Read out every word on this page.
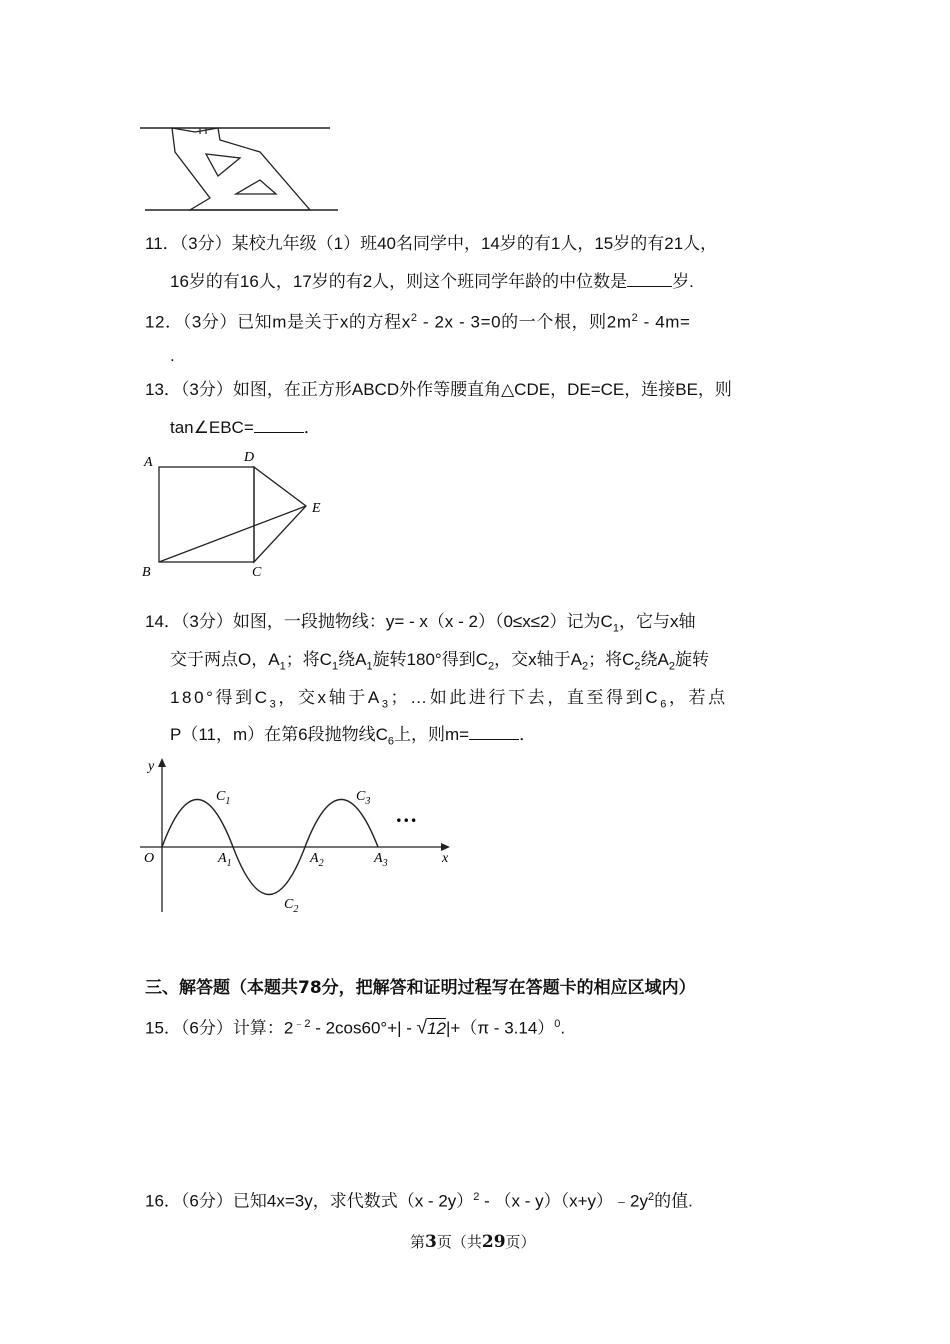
11．（3分）某校九年级（1）班40名同学中，14岁的有1人，15岁的有21人，
16岁的有16人，17岁的有2人，则这个班同学年龄的中位数是	岁.
12．（3分）已知m是关于x的方程$x^2 - 2x - 3=0$的一个根，则$2m^2 - 4m=$
.
13．（3分）如图，在正方形ABCD外作等腰直角△CDE，DE=CE，连接BE，则
tan∠EBC=	．
A	D
E
B	C
14．（3分）如图，一段抛物线：y= - x（x - 2）（0≤x≤2）记为$C_1$，它与x轴
交于两点O，$A_1$；将$C_1$绕$A_1$旋转180°得到$C_2$，交x轴于$A_2$；将$C_2$绕$A_2$旋转
180°得到$C_3$，交x轴于$A_3$；…如此进行下去，直至得到$C_6$，若点
P（11，m）在第6段抛物线$C_6$上，则m=	．
y
x
O
$C_1$
$C_2$
$C_3$
$A_1$	$A_2$	$A_3$
…
三、解答题（本题共78分，把解答和证明过程写在答题卡的相应区域内）
15．（6分）计算：$2^{﹣2} - 2\cos 60^\circ+| - √12|+(\pi - 3.14)^0$.
16．（6分）已知4x=3y，求代数式$(x - 2y)^2 - (x - y)(x+y)﹣2y^2$的值.
第3页（共29页）
